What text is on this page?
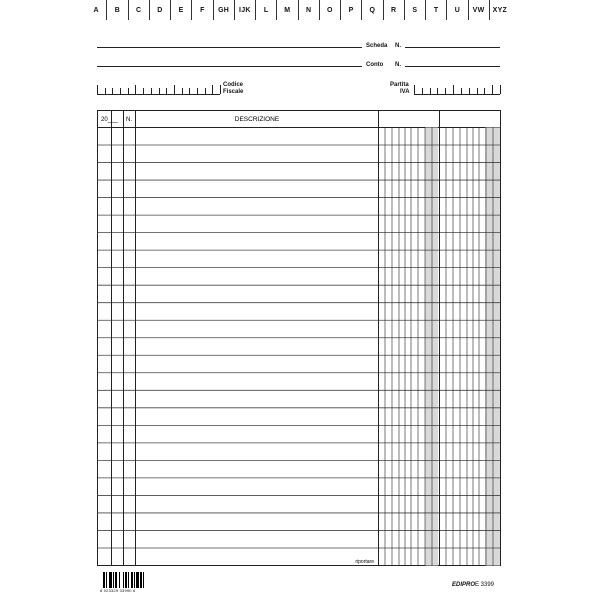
A	B	C	D	E	F	GH	IJK	L	M	N	O	P	Q	R	S	T	U	VW	XYZ
Scheda N.
Conto N.
Codice
Fiscale
Partita
IVA
20___ N.	DESCRIZIONE
riportare
8 023329 33990 6
EDIPRO E 3399
